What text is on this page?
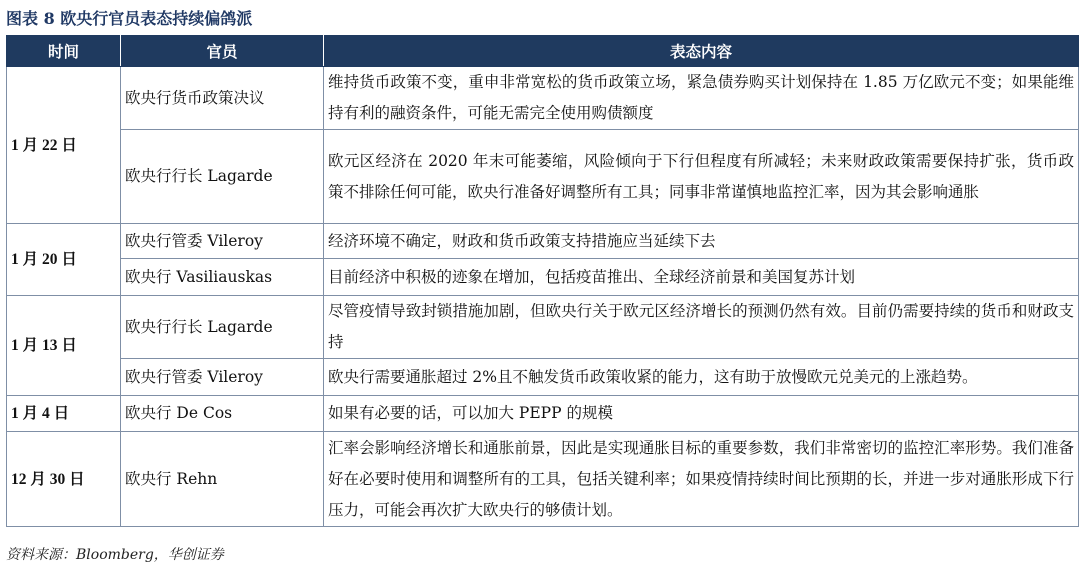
图表 8 欧央行官员表态持续偏鸽派
时间	官员	表态内容
1 月 22 日	欧央行货币政策决议	维持货币政策不变，重申非常宽松的货币政策立场，紧急债券购买计划保持在 1.85 万亿欧元不变；如果能维持有利的融资条件，可能无需完全使用购债额度
	欧央行行长 Lagarde	欧元区经济在 2020 年末可能萎缩，风险倾向于下行但程度有所减轻；未来财政政策需要保持扩张，货币政策不排除任何可能，欧央行准备好调整所有工具；同事非常谨慎地监控汇率，因为其会影响通胀
1 月 20 日	欧央行管委 Vileroy	经济环境不确定，财政和货币政策支持措施应当延续下去
	欧央行 Vasiliauskas	目前经济中积极的迹象在增加，包括疫苗推出、全球经济前景和美国复苏计划
1 月 13 日	欧央行行长 Lagarde	尽管疫情导致封锁措施加剧，但欧央行关于欧元区经济增长的预测仍然有效。目前仍需要持续的货币和财政支持
	欧央行管委 Vileroy	欧央行需要通胀超过 2%且不触发货币政策收紧的能力，这有助于放慢欧元兑美元的上涨趋势。
1 月 4 日	欧央行 De Cos	如果有必要的话，可以加大 PEPP 的规模
12 月 30 日	欧央行 Rehn	汇率会影响经济增长和通胀前景，因此是实现通胀目标的重要参数，我们非常密切的监控汇率形势。我们准备好在必要时使用和调整所有的工具，包括关键利率；如果疫情持续时间比预期的长，并进一步对通胀形成下行压力，可能会再次扩大欧央行的够债计划。
资料来源：Bloomberg，华创证券
